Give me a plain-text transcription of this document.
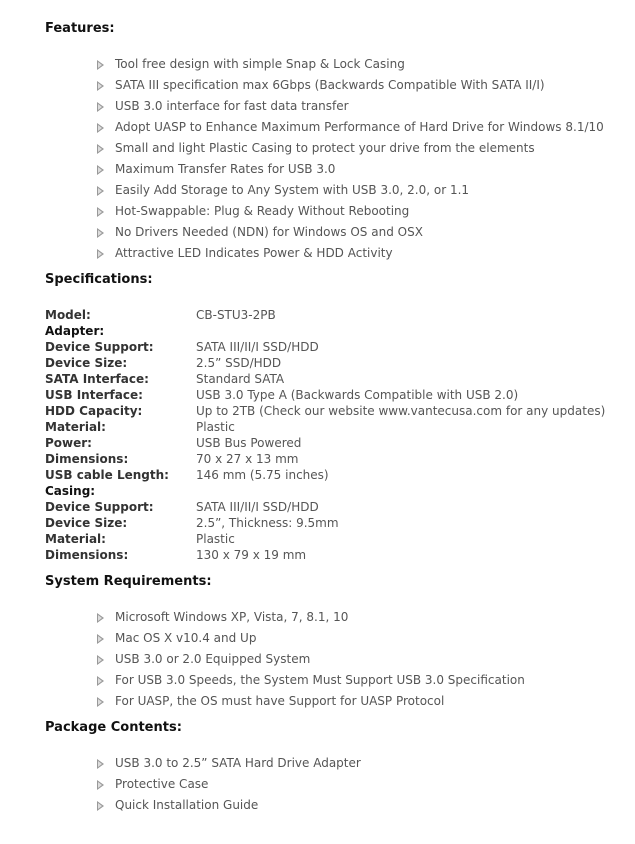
Features:
Tool free design with simple Snap & Lock Casing
SATA III specification max 6Gbps (Backwards Compatible With SATA II/I)
USB 3.0 interface for fast data transfer
Adopt UASP to Enhance Maximum Performance of Hard Drive for Windows 8.1/10
Small and light Plastic Casing to protect your drive from the elements
Maximum Transfer Rates for USB 3.0
Easily Add Storage to Any System with USB 3.0, 2.0, or 1.1
Hot-Swappable: Plug & Ready Without Rebooting
No Drivers Needed (NDN) for Windows OS and OSX
Attractive LED Indicates Power & HDD Activity
Specifications:
Model:	CB-STU3-2PB
Adapter:
Device Support:	SATA III/II/I SSD/HDD
Device Size:	2.5” SSD/HDD
SATA Interface:	Standard SATA
USB Interface:	USB 3.0 Type A (Backwards Compatible with USB 2.0)
HDD Capacity:	Up to 2TB (Check our website www.vantecusa.com for any updates)
Material:	Plastic
Power:	USB Bus Powered
Dimensions:	70 x 27 x 13 mm
USB cable Length:	146 mm (5.75 inches)
Casing:
Device Support:	SATA III/II/I SSD/HDD
Device Size:	2.5”, Thickness: 9.5mm
Material:	Plastic
Dimensions:	130 x 79 x 19 mm
System Requirements:
Microsoft Windows XP, Vista, 7, 8.1, 10
Mac OS X v10.4 and Up
USB 3.0 or 2.0 Equipped System
For USB 3.0 Speeds, the System Must Support USB 3.0 Specification
For UASP, the OS must have Support for UASP Protocol
Package Contents:
USB 3.0 to 2.5” SATA Hard Drive Adapter
Protective Case
Quick Installation Guide
